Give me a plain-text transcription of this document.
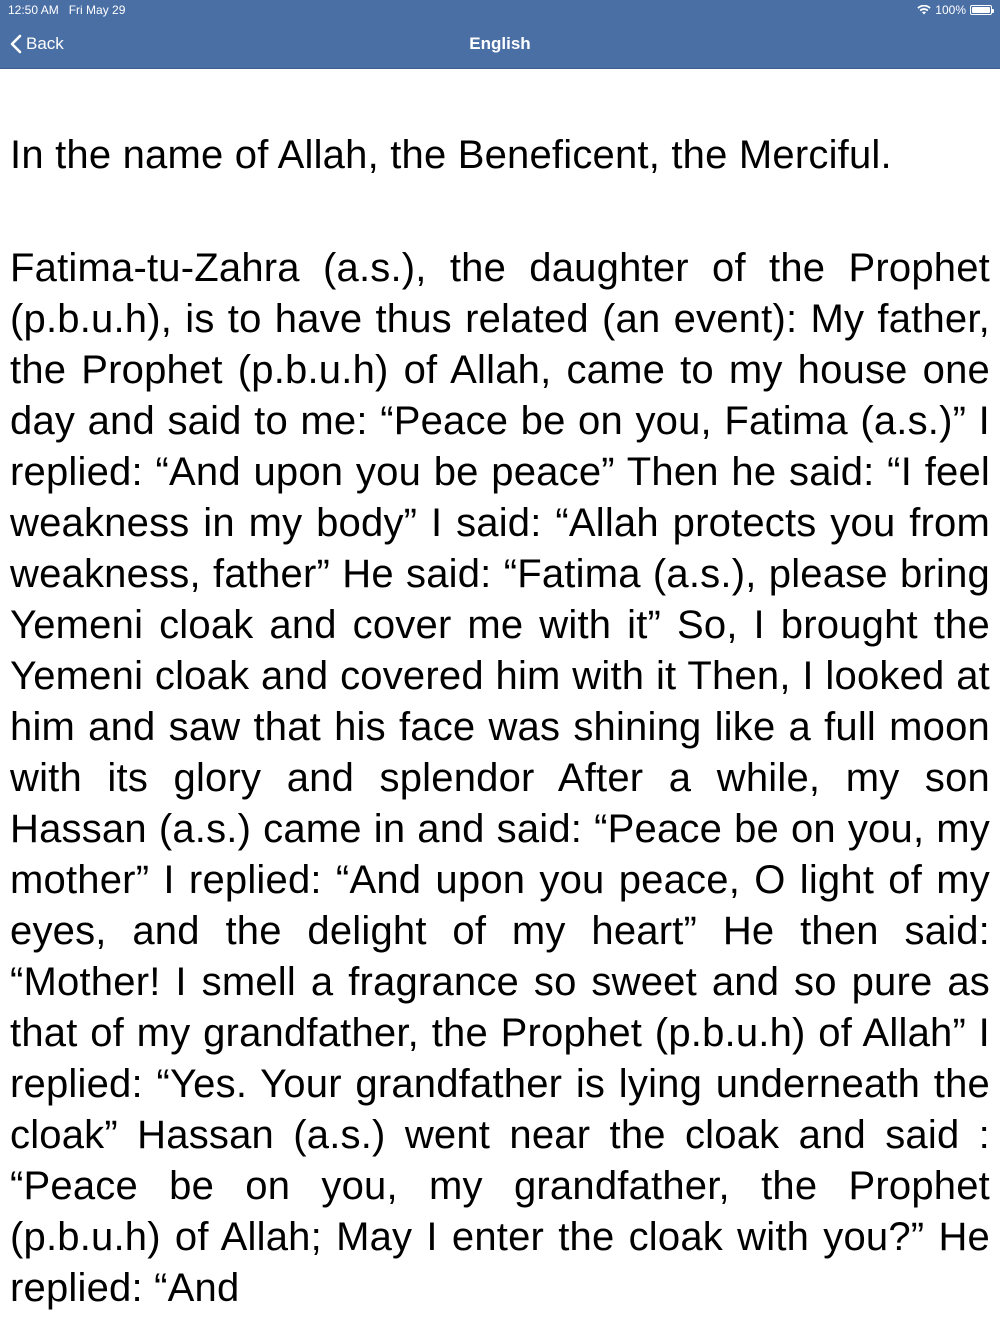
12:50 AM Fri May 29	100%
Back	English

In the name of Allah, the Beneficent, the Merciful.

Fatima-tu-Zahra (a.s.), the daughter of the Prophet (p.b.u.h), is to have thus related (an event): My father, the Prophet (p.b.u.h) of Allah, came to my house one day and said to me: “Peace be on you, Fatima (a.s.)” I replied: “And upon you be peace” Then he said: “I feel weakness in my body” I said: “Allah protects you from weakness, father” He said: “Fatima (a.s.), please bring Yemeni cloak and cover me with it” So, I brought the Yemeni cloak and covered him with it Then, I looked at him and saw that his face was shining like a full moon with its glory and splendor After a while, my son Hassan (a.s.) came in and said: “Peace be on you, my mother” I replied: “And upon you peace, O light of my eyes, and the delight of my heart” He then said: “Mother! I smell a fragrance so sweet and so pure as that of my grandfather, the Prophet (p.b.u.h) of Allah” I replied: “Yes. Your grandfather is lying underneath the cloak” Hassan (a.s.) went near the cloak and said : “Peace be on you, my grandfather, the Prophet (p.b.u.h) of Allah; May I enter the cloak with you?” He replied: “And
